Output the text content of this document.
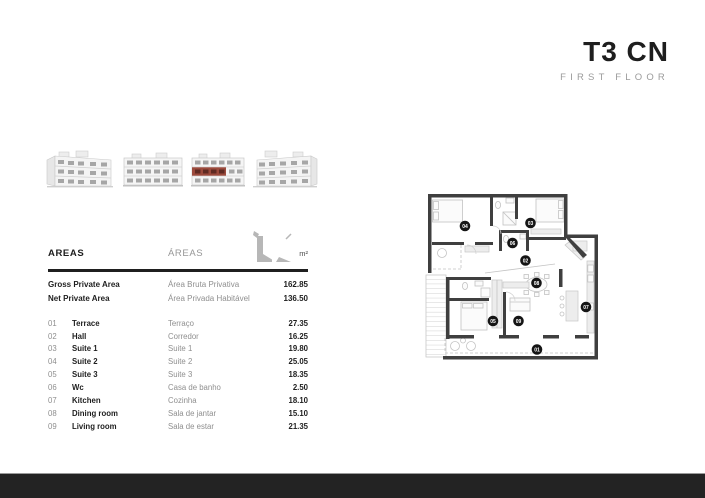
T3 CN
FIRST FLOOR
AREAS	ÁREAS	m²
Gross Private Area	Área Bruta Privativa	162.85
Net Private Area	Área Privada Habitável	136.50
01	Terrace	Terraço	27.35
02	Hall	Corredor	16.25
03	Suite 1	Suite 1	19.80
04	Suite 2	Suite 2	25.05
05	Suite 3	Suite 3	18.35
06	Wc	Casa de banho	2.50
07	Kitchen	Cozinha	18.10
08	Dining room	Sala de jantar	15.10
09	Living room	Sala de estar	21.35
01
02
03
04
05
06
07
08
09
